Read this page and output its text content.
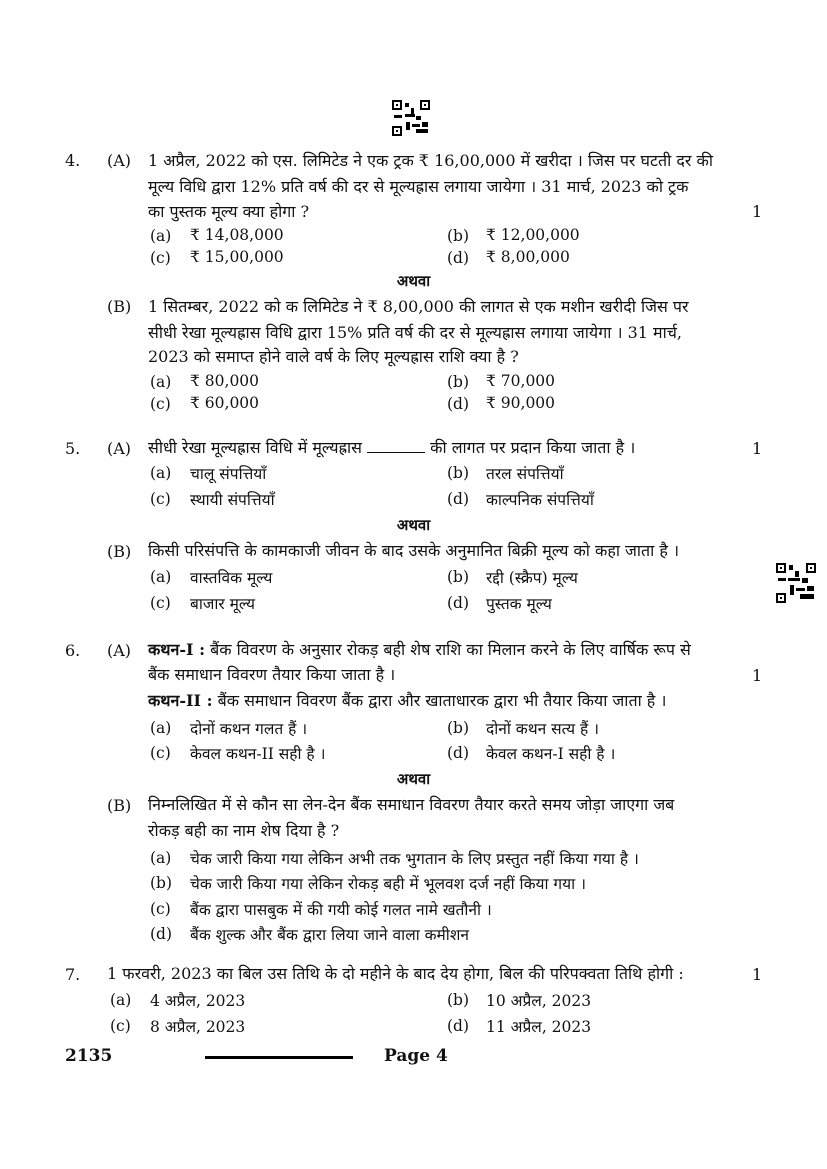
4. (A) 1 अप्रैल, 2022 को एस. लिमिटेड ने एक ट्रक ₹ 16,00,000 में खरीदा । जिस पर घटती दर की
मूल्य विधि द्वारा 12% प्रति वर्ष की दर से मूल्यह्रास लगाया जायेगा । 31 मार्च, 2023 को ट्रक
का पुस्तक मूल्य क्या होगा ?	1
(a) ₹ 14,08,000	(b) ₹ 12,00,000
(c) ₹ 15,00,000	(d) ₹ 8,00,000
अथवा
(B) 1 सितम्बर, 2022 को क लिमिटेड ने ₹ 8,00,000 की लागत से एक मशीन खरीदी जिस पर
सीधी रेखा मूल्यह्रास विधि द्वारा 15% प्रति वर्ष की दर से मूल्यह्रास लगाया जायेगा । 31 मार्च,
2023 को समाप्त होने वाले वर्ष के लिए मूल्यह्रास राशि क्या है ?
(a) ₹ 80,000	(b) ₹ 70,000
(c) ₹ 60,000	(d) ₹ 90,000
5. (A) सीधी रेखा मूल्यह्रास विधि में मूल्यह्रास	की लागत पर प्रदान किया जाता है ।	1
(a) चालू संपत्तियाँ	(b) तरल संपत्तियाँ
(c) स्थायी संपत्तियाँ	(d) काल्पनिक संपत्तियाँ
अथवा
(B) किसी परिसंपत्ति के कामकाजी जीवन के बाद उसके अनुमानित बिक्री मूल्य को कहा जाता है ।
(a) वास्तविक मूल्य	(b) रद्दी (स्क्रैप) मूल्य
(c) बाजार मूल्य	(d) पुस्तक मूल्य
6. (A) कथन-I : बैंक विवरण के अनुसार रोकड़ बही शेष राशि का मिलान करने के लिए वार्षिक रूप से
बैंक समाधान विवरण तैयार किया जाता है ।	1
कथन-II : बैंक समाधान विवरण बैंक द्वारा और खाताधारक द्वारा भी तैयार किया जाता है ।
(a) दोनों कथन गलत हैं ।	(b) दोनों कथन सत्य हैं ।
(c) केवल कथन-II सही है ।	(d) केवल कथन-I सही है ।
अथवा
(B) निम्नलिखित में से कौन सा लेन-देन बैंक समाधान विवरण तैयार करते समय जोड़ा जाएगा जब
रोकड़ बही का नाम शेष दिया है ?
(a) चेक जारी किया गया लेकिन अभी तक भुगतान के लिए प्रस्तुत नहीं किया गया है ।
(b) चेक जारी किया गया लेकिन रोकड़ बही में भूलवश दर्ज नहीं किया गया ।
(c) बैंक द्वारा पासबुक में की गयी कोई गलत नामे खतौनी ।
(d) बैंक शुल्क और बैंक द्वारा लिया जाने वाला कमीशन
7. 1 फरवरी, 2023 का बिल उस तिथि के दो महीने के बाद देय होगा, बिल की परिपक्वता तिथि होगी :	1
(a) 4 अप्रैल, 2023	(b) 10 अप्रैल, 2023
(c) 8 अप्रैल, 2023	(d) 11 अप्रैल, 2023
2135	Page 4
